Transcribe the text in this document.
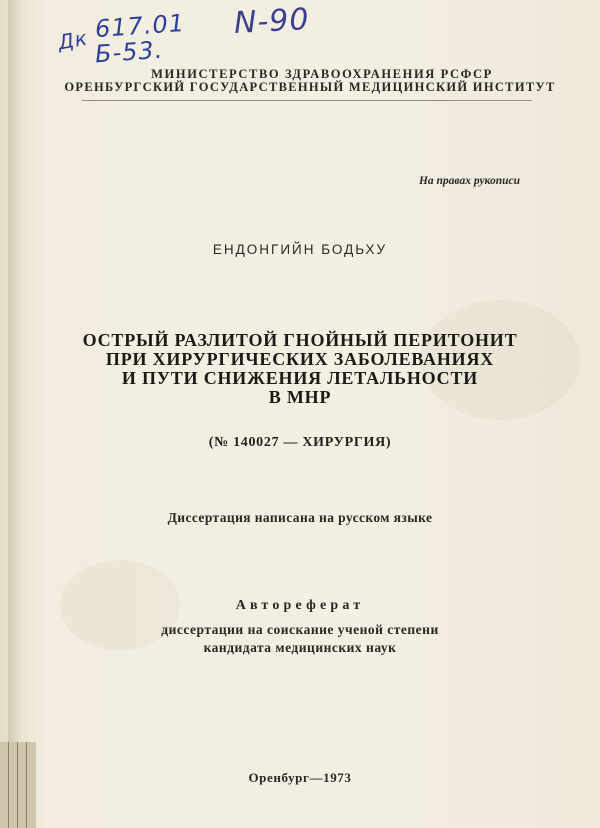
Дк 617.01
Б-53.
N-90
МИНИСТЕРСТВО ЗДРАВООХРАНЕНИЯ РСФСР
ОРЕНБУРГСКИЙ ГОСУДАРСТВЕННЫЙ МЕДИЦИНСКИЙ ИНСТИТУТ
На правах рукописи
ЕНДОНГИЙН БОДЬХУ
ОСТРЫЙ РАЗЛИТОЙ ГНОЙНЫЙ ПЕРИТОНИТ
ПРИ ХИРУРГИЧЕСКИХ ЗАБОЛЕВАНИЯХ
И ПУТИ СНИЖЕНИЯ ЛЕТАЛЬНОСТИ
В МНР
(№ 140027 — ХИРУРГИЯ)
Диссертация написана на русском языке
Автореферат
диссертации на соискание ученой степени
кандидата медицинских наук
Оренбург—1973
